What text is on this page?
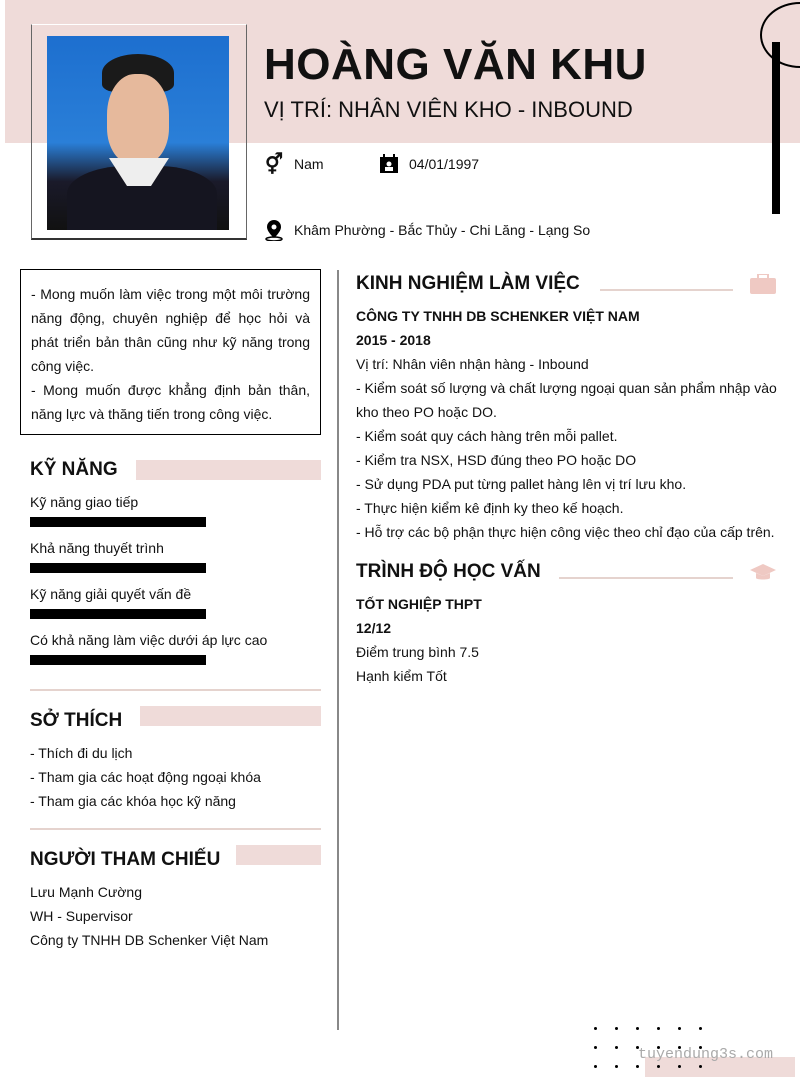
HOÀNG VĂN KHU
VỊ TRÍ: NHÂN VIÊN KHO - INBOUND
⚥ Nam	04/01/1997
Khâm Phường - Bắc Thủy - Chi Lăng - Lạng So
- Mong muốn làm việc trong một môi trường năng động, chuyên nghiệp để học hỏi và phát triển bản thân cũng như kỹ năng trong công việc.
- Mong muốn được khẳng định bản thân, năng lực và thăng tiến trong công việc.
KỸ NĂNG
Kỹ năng giao tiếp
Khả năng thuyết trình
Kỹ năng giải quyết vấn đề
Có khả năng làm việc dưới áp lực cao
SỞ THÍCH
- Thích đi du lịch
- Tham gia các hoạt động ngoại khóa
- Tham gia các khóa học kỹ năng
NGƯỜI THAM CHIẾU
Lưu Mạnh Cường
WH - Supervisor
Công ty TNHH DB Schenker Việt Nam
KINH NGHIỆM LÀM VIỆC
CÔNG TY TNHH DB SCHENKER VIỆT NAM
2015 - 2018
Vị trí: Nhân viên nhận hàng - Inbound
- Kiểm soát số lượng và chất lượng ngoại quan sản phẩm nhập vào kho theo PO hoặc DO.
- Kiểm soát quy cách hàng trên mỗi pallet.
- Kiểm tra NSX, HSD đúng theo PO hoặc DO
- Sử dụng PDA put từng pallet hàng lên vị trí lưu kho.
- Thực hiện kiểm kê định ky theo kế hoạch.
- Hỗ trợ các bộ phận thực hiện công việc theo chỉ đạo của cấp trên.
TRÌNH ĐỘ HỌC VẤN
TỐT NGHIỆP THPT
12/12
Điểm trung bình 7.5
Hạnh kiểm Tốt
tuyendung3s.com
